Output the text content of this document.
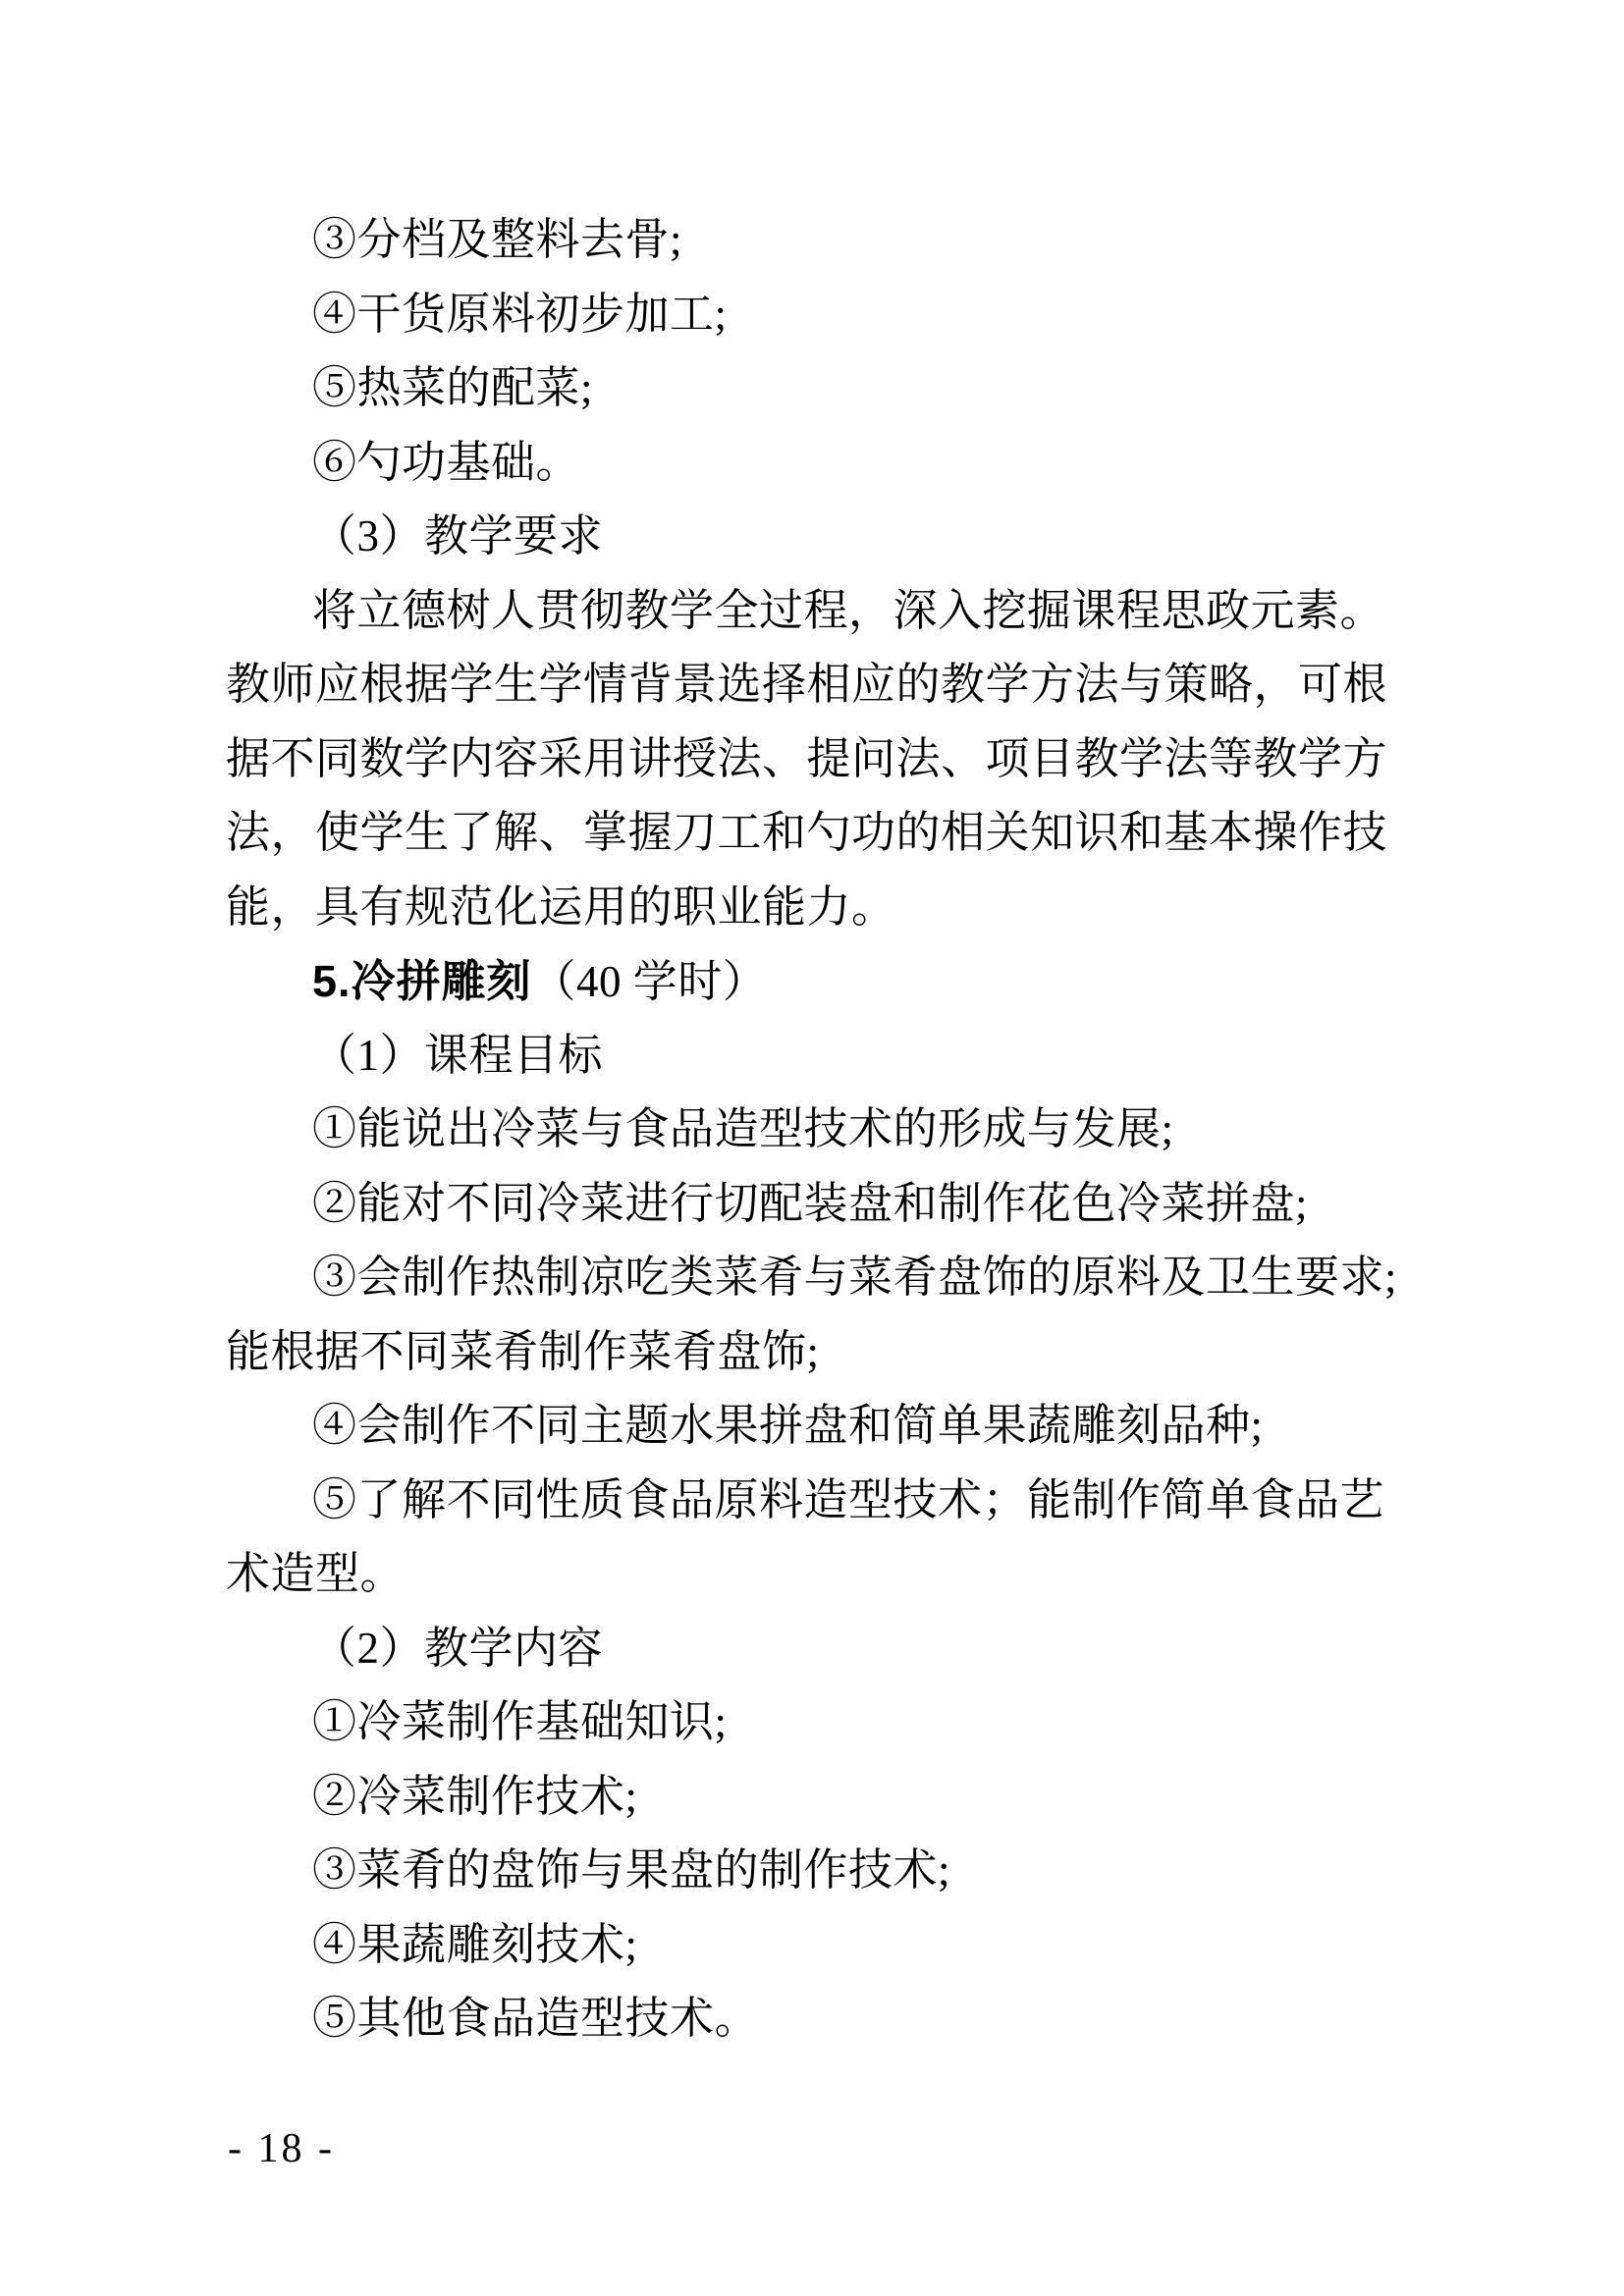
③分档及整料去骨;

④干货原料初步加工;

⑤热菜的配菜;

⑥勺功基础。

（3）教学要求

将立德树人贯彻教学全过程，深入挖掘课程思政元素。

教师应根据学生学情背景选择相应的教学方法与策略，可根

据不同数学内容采用讲授法、提问法、项目教学法等教学方

法，使学生了解、掌握刀工和勺功的相关知识和基本操作技

能，具有规范化运用的职业能力。

5.冷拼雕刻（40 学时）

（1）课程目标

①能说出冷菜与食品造型技术的形成与发展;

②能对不同冷菜进行切配装盘和制作花色冷菜拼盘;

③会制作热制凉吃类菜肴与菜肴盘饰的原料及卫生要求;

能根据不同菜肴制作菜肴盘饰;

④会制作不同主题水果拼盘和简单果蔬雕刻品种;

⑤了解不同性质食品原料造型技术；能制作简单食品艺

术造型。

（2）教学内容

①冷菜制作基础知识;

②冷菜制作技术;

③菜肴的盘饰与果盘的制作技术;

④果蔬雕刻技术;

⑤其他食品造型技术。

- 18 -
